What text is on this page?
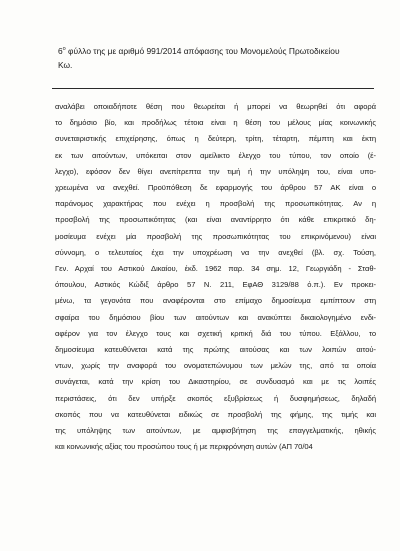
$6^o$ φύλλο της με αριθμό 991/2014 απόφασης του Μονομελούς Πρωτοδικείου
Κω.
αναλάβει οποιαδήποτε θέση που θεωρείται ή μπορεί να θεωρηθεί ότι αφορά
το δημόσιο βίο, και προδήλως τέτοια είναι η θέση του μέλους μίας κοινωνικής
συνεταιριστικής επιχείρησης, όπως η δεύτερη, τρίτη, τέταρτη, πέμπτη και έκτη
εκ των αιτούντων, υπόκειται στον αμείλικτο έλεγχο του τύπου, τον οποίο (έ-
λεγχο), εφόσον δεν θίγει ανεπίτρεπτα την τιμή ή την υπόληψη του, είναι υπο-
χρεωμένα να ανεχθεί. Προϋπόθεση δε εφαρμογής του άρθρου 57 ΑΚ είναι ο
παράνομος χαρακτήρας που ενέχει η προσβολή της προσωπικότητας. Αν η
προσβολή της προσωπικότητας (και είναι αναντίρρητο ότι κάθε επικριτικό δη-
μοσίευμα ενέχει μία προσβολή της προσωπικότητας του επικρινόμενου) είναι
σύννομη, ο τελευταίος έχει την υποχρέωση να την ανεχθεί (βλ. σχ. Τούση,
Γεν. Αρχαί του Αστικού Δικαίου, έκδ. 1962 παρ. 34 σημ. 12, Γεωργιάδη - Σταθ-
όπουλου, Αστικός Κώδιξ άρθρο 57 Ν. 211, ΕφΑΘ 3129/88 ό.π.). Εν προκει-
μένω, τα γεγονότα που αναφέρονται στο επίμαχο δημοσίευμα εμπίπτουν στη
σφαίρα του δημόσιου βίου των αιτούντων και ανακύπτει δικαιολογημένο ενδι-
αφέρον για τον έλεγχο τους και σχετική κριτική διά του τύπου. Εξάλλου, το
δημοσίευμα κατευθύνεται κατά της πρώτης αιτούσας και των λοιπών αιτού-
ντων, χωρίς την αναφορά του ονοματεπώνυμου των μελών της, από τα οποία
συνάγεται, κατά την κρίση του Δικαστηρίου, σε συνδυασμό και με τις λοιπές
περιστάσεις, ότι δεν υπήρξε σκοπός εξυβρίσεως ή δυσφημήσεως, δηλαδή
σκοπός που να κατευθύνεται ειδικώς σε προσβολή της φήμης, της τιμής και
της υπόληψης των αιτούντων, με αμφισβήτηση της επαγγελματικής, ηθικής
και κοινωνικής αξίας του προσώπου τους ή με περιφρόνηση αυτών (ΑΠ 70/04
